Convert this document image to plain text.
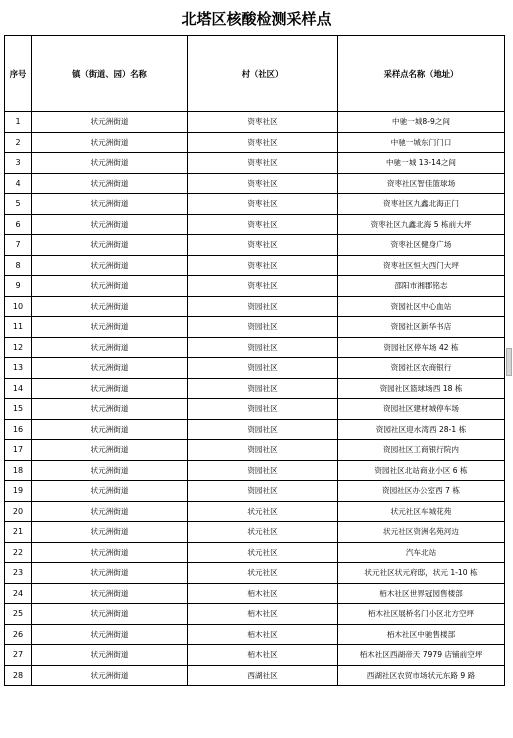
北塔区核酸检测采样点
序号	镇（街道、园）名称	村（社区）	采样点名称（地址）
1	状元洲街道	资枣社区	中驰一城8-9之间
2	状元洲街道	资枣社区	中驰一城东门门口
3	状元洲街道	资枣社区	中驰一城 13-14之间
4	状元洲街道	资枣社区	资枣社区智佳篮球场
5	状元洲街道	资枣社区	资枣社区九鑫北海正门
6	状元洲街道	资枣社区	资枣社区九鑫北海 5 栋前大坪
7	状元洲街道	资枣社区	资枣社区健身广场
8	状元洲街道	资枣社区	资枣社区恒大西门大坪
9	状元洲街道	资枣社区	邵阳市湘郡铭志
10	状元洲街道	资园社区	资园社区中心血站
11	状元洲街道	资园社区	资园社区新华书店
12	状元洲街道	资园社区	资园社区停车场 42 栋
13	状元洲街道	资园社区	资园社区农商银行
14	状元洲街道	资园社区	资园社区篮球场西 18 栋
15	状元洲街道	资园社区	资园社区建材城停车场
16	状元洲街道	资园社区	资园社区迎水湾西 28-1 栋
17	状元洲街道	资园社区	资园社区工商银行院内
18	状元洲街道	资园社区	资园社区北站商业小区 6 栋
19	状元洲街道	资园社区	资园社区办公室西 7 栋
20	状元洲街道	状元社区	状元社区车城花苑
21	状元洲街道	状元社区	状元社区资洲名苑河边
22	状元洲街道	状元社区	汽车北站
23	状元洲街道	状元社区	状元社区状元府邸，状元 1-10 栋
24	状元洲街道	栢木社区	栢木社区世界冠园售楼部
25	状元洲街道	栢木社区	栢木社区展桥名门小区北方空坪
26	状元洲街道	栢木社区	栢木社区中驰售楼部
27	状元洲街道	栢木社区	栢木社区西湖帝天 7979 店铺前空坪
28	状元洲街道	西湖社区	西湖社区农贸市场状元东路 9 路
